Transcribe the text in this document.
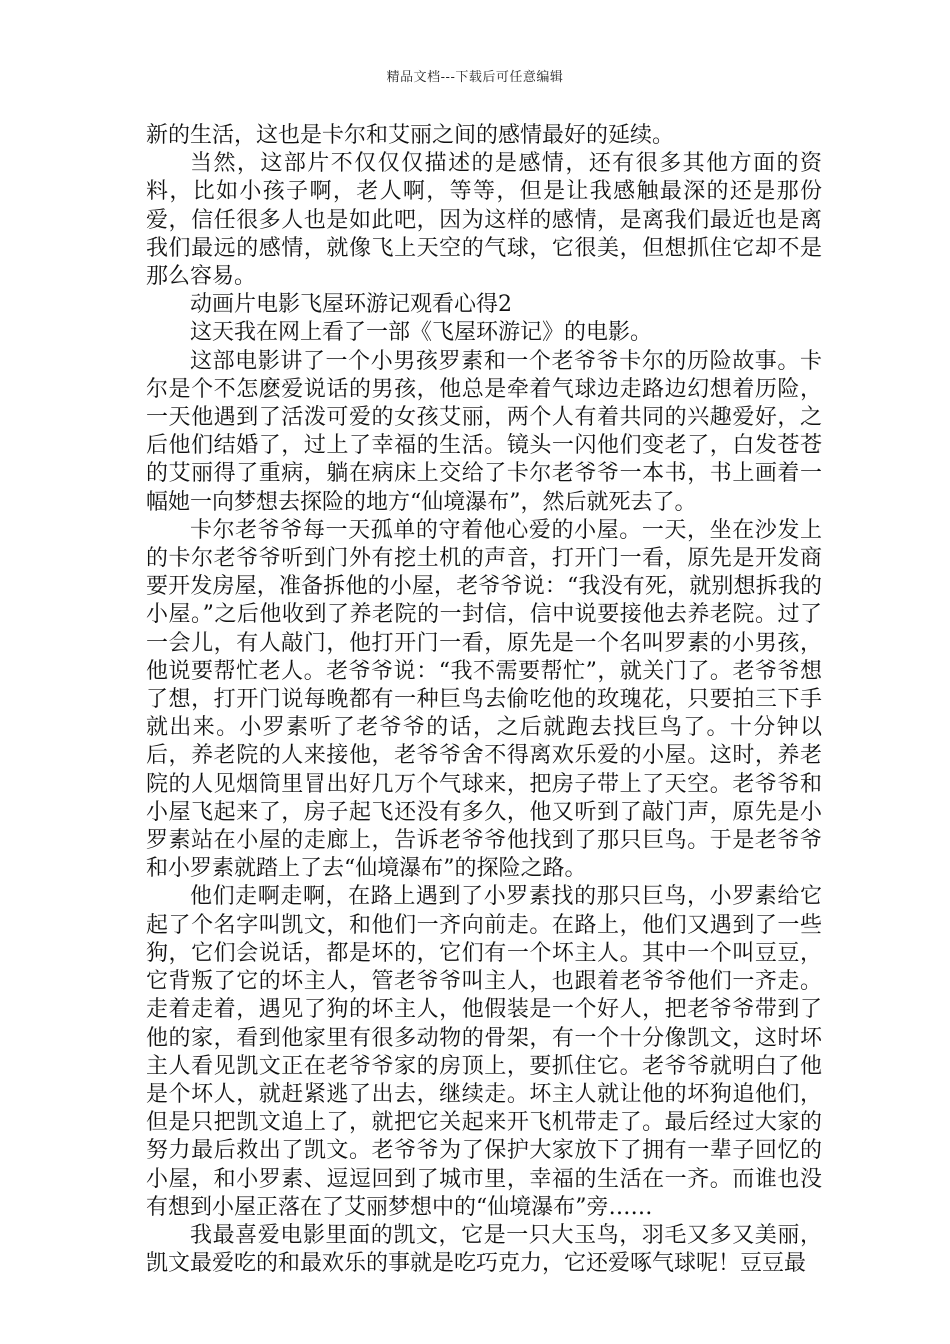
精品文档---下载后可任意编辑

新的生活，这也是卡尔和艾丽之间的感情最好的延续。

当然，这部片不仅仅仅描述的是感情，还有很多其他方面的资料，比如小孩子啊，老人啊，等等，但是让我感触最深的还是那份爱，信任很多人也是如此吧，因为这样的感情，是离我们最近也是离我们最远的感情，就像飞上天空的气球，它很美，但想抓住它却不是那么容易。

动画片电影飞屋环游记观看心得2

这天我在网上看了一部《飞屋环游记》的电影。

这部电影讲了一个小男孩罗素和一个老爷爷卡尔的历险故事。卡尔是个不怎麽爱说话的男孩，他总是牵着气球边走路边幻想着历险，一天他遇到了活泼可爱的女孩艾丽，两个人有着共同的兴趣爱好，之后他们结婚了，过上了幸福的生活。镜头一闪他们变老了，白发苍苍的艾丽得了重病，躺在病床上交给了卡尔老爷爷一本书，书上画着一幅她一向梦想去探险的地方“仙境瀑布”，然后就死去了。

卡尔老爷爷每一天孤单的守着他心爱的小屋。一天，坐在沙发上的卡尔老爷爷听到门外有挖土机的声音，打开门一看，原先是开发商要开发房屋，准备拆他的小屋，老爷爷说：“我没有死，就别想拆我的小屋。”之后他收到了养老院的一封信，信中说要接他去养老院。过了一会儿，有人敲门，他打开门一看，原先是一个名叫罗素的小男孩，他说要帮忙老人。老爷爷说：“我不需要帮忙”，就关门了。老爷爷想了想，打开门说每晚都有一种巨鸟去偷吃他的玫瑰花，只要拍三下手就出来。小罗素听了老爷爷的话，之后就跑去找巨鸟了。十分钟以后，养老院的人来接他，老爷爷舍不得离欢乐爱的小屋。这时，养老院的人见烟筒里冒出好几万个气球来，把房子带上了天空。老爷爷和小屋飞起来了，房子起飞还没有多久，他又听到了敲门声，原先是小罗素站在小屋的走廊上，告诉老爷爷他找到了那只巨鸟。于是老爷爷和小罗素就踏上了去“仙境瀑布”的探险之路。

他们走啊走啊，在路上遇到了小罗素找的那只巨鸟，小罗素给它起了个名字叫凯文，和他们一齐向前走。在路上，他们又遇到了一些狗，它们会说话，都是坏的，它们有一个坏主人。其中一个叫豆豆，它背叛了它的坏主人，管老爷爷叫主人，也跟着老爷爷他们一齐走。走着走着，遇见了狗的坏主人，他假装是一个好人，把老爷爷带到了他的家，看到他家里有很多动物的骨架，有一个十分像凯文，这时坏主人看见凯文正在老爷爷家的房顶上，要抓住它。老爷爷就明白了他是个坏人，就赶紧逃了出去，继续走。坏主人就让他的坏狗追他们，但是只把凯文追上了，就把它关起来开飞机带走了。最后经过大家的努力最后救出了凯文。老爷爷为了保护大家放下了拥有一辈子回忆的小屋，和小罗素、逗逗回到了城市里，幸福的生活在一齐。而谁也没有想到小屋正落在了艾丽梦想中的“仙境瀑布”旁……

我最喜爱电影里面的凯文，它是一只大玉鸟，羽毛又多又美丽，凯文最爱吃的和最欢乐的事就是吃巧克力，它还爱啄气球呢！豆豆最
